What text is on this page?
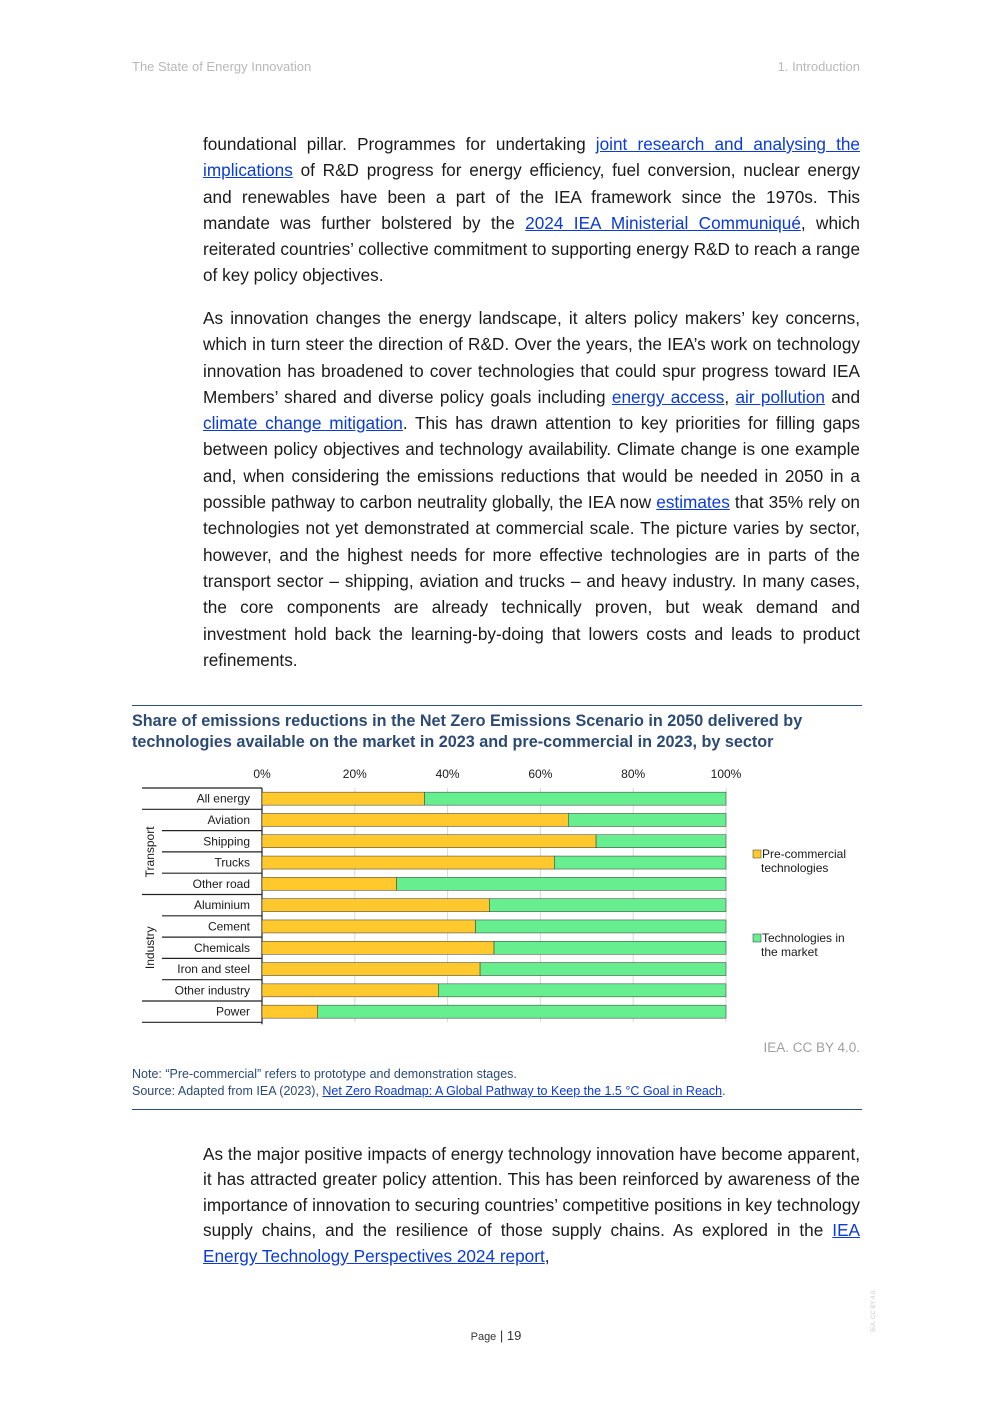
The State of Energy Innovation	1. Introduction

foundational pillar. Programmes for undertaking joint research and analysing the implications of R&D progress for energy efficiency, fuel conversion, nuclear energy and renewables have been a part of the IEA framework since the 1970s. This mandate was further bolstered by the 2024 IEA Ministerial Communiqué, which reiterated countries’ collective commitment to supporting energy R&D to reach a range of key policy objectives.

As innovation changes the energy landscape, it alters policy makers’ key concerns, which in turn steer the direction of R&D. Over the years, the IEA’s work on technology innovation has broadened to cover technologies that could spur progress toward IEA Members’ shared and diverse policy goals including energy access, air pollution and climate change mitigation. This has drawn attention to key priorities for filling gaps between policy objectives and technology availability. Climate change is one example and, when considering the emissions reductions that would be needed in 2050 in a possible pathway to carbon neutrality globally, the IEA now estimates that 35% rely on technologies not yet demonstrated at commercial scale. The picture varies by sector, however, and the highest needs for more effective technologies are in parts of the transport sector – shipping, aviation and trucks – and heavy industry. In many cases, the core components are already technically proven, but weak demand and investment hold back the learning-by-doing that lowers costs and leads to product refinements.

Share of emissions reductions in the Net Zero Emissions Scenario in 2050 delivered by technologies available on the market in 2023 and pre-commercial in 2023, by sector
0%	20%	40%	60%	80%	100%
Transport
Industry
All energy
Aviation
Shipping
Trucks
Other road
Aluminium
Cement
Chemicals
Iron and steel
Other industry
Power
Pre-commercial technologies
Technologies in the market
IEA. CC BY 4.0.
Note: “Pre-commercial” refers to prototype and demonstration stages.
Source: Adapted from IEA (2023), Net Zero Roadmap: A Global Pathway to Keep the 1.5 °C Goal in Reach.

As the major positive impacts of energy technology innovation have become apparent, it has attracted greater policy attention. This has been reinforced by awareness of the importance of innovation to securing countries’ competitive positions in key technology supply chains, and the resilience of those supply chains. As explored in the IEA Energy Technology Perspectives 2024 report,

Page | 19
IEA. CC BY 4.0.
